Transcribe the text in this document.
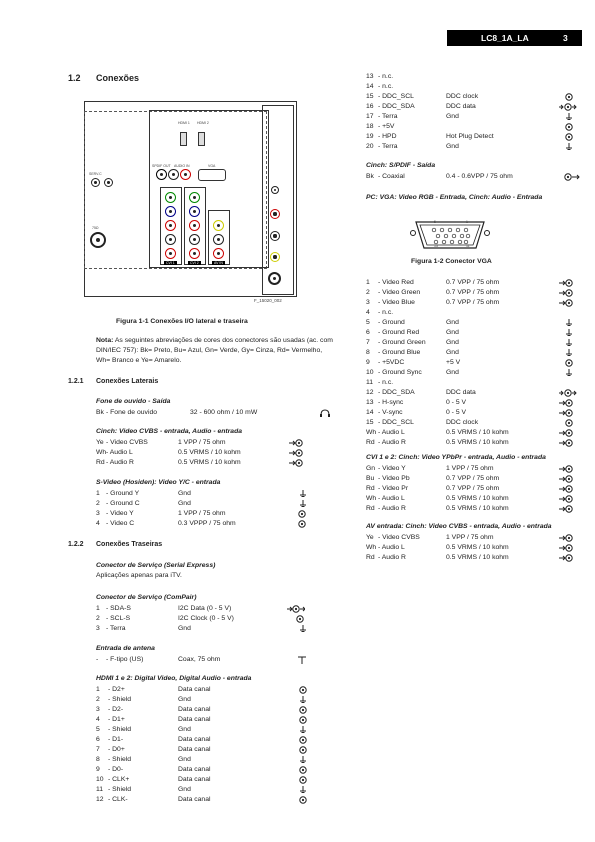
LC8_1A_LA	3
1.2 Conexões
HDMI 1 HDMI 2
SPDIF OUT AUDIO IN	VGA
CVI 1	CVI 2	AV IN
SERV.C
75Ω
F_15020_002
Figura 1-1 Conexões I/O lateral e traseira
Nota: As seguintes abreviações de cores dos conectores são usadas (ac. com DIN/IEC 757): Bk= Preto, Bu= Azul, Gn= Verde, Gy= Cinza, Rd= Vermelho, Wh= Branco e Ye= Amarelo.
1.2.1 Conexões Laterais
Fone de ouvido - Saída
Bk - Fone de ouvido	32 - 600 ohm / 10 mW
Cinch: Video CVBS - entrada, Audio - entrada
Ye - Video CVBS	1 VPP / 75 ohm
Wh - Audio L	0.5 VRMS / 10 kohm
Rd - Audio R	0.5 VRMS / 10 kohm
S-Video (Hosiden): Video Y/C - entrada
1 - Ground Y	Gnd
2 - Ground C	Gnd
3 - Video Y	1 VPP / 75 ohm
4 - Video C	0.3 VPPP / 75 ohm
1.2.2 Conexões Traseiras
Conector de Serviço (Serial Express)
Aplicações apenas para iTV.
Conector de Serviço (ComPair)
1 - SDA-S	I2C Data (0 - 5 V)
2 - SCL-S	I2C Clock (0 - 5 V)
3 - Terra	Gnd
Entrada de antena
- - F-tipo (US)	Coax, 75 ohm
HDMI 1 e 2: Digital Video, Digital Audio - entrada
1 - D2+	Data canal
2 - Shield	Gnd
3 - D2-	Data canal
4 - D1+	Data canal
5 - Shield	Gnd
6 - D1-	Data canal
7 - D0+	Data canal
8 - Shield	Gnd
9 - D0-	Data canal
10 - CLK+	Data canal
11 - Shield	Gnd
12 - CLK-	Data canal
13 - n.c.
14 - n.c.
15 - DDC_SCL	DDC clock
16 - DDC_SDA	DDC data
17 - Terra	Gnd
18 - +5V
19 - HPD	Hot Plug Detect
20 - Terra	Gnd
Cinch: S/PDIF - Saída
Bk - Coaxial	0.4 - 0.6VPP / 75 ohm
PC: VGA: Video RGB - Entrada, Cinch: Audio - Entrada
5	1
15	11
Figura 1-2 Conector VGA
1 - Video Red	0.7 VPP / 75 ohm
2 - Video Green	0.7 VPP / 75 ohm
3 - Video Blue	0.7 VPP / 75 ohm
4 - n.c.
5 - Ground	Gnd
6 - Ground Red	Gnd
7 - Ground Green	Gnd
8 - Ground Blue	Gnd
9 - +5VDC	+5 V
10 - Ground Sync	Gnd
11 - n.c.
12 - DDC_SDA	DDC data
13 - H-sync	0 - 5 V
14 - V-sync	0 - 5 V
15 - DDC_SCL	DDC clock
Wh - Audio L	0.5 VRMS / 10 kohm
Rd - Audio R	0.5 VRMS / 10 kohm
CVI 1 e 2: Cinch: Video YPbPr - entrada, Audio - entrada
Gn - Video Y	1 VPP / 75 ohm
Bu - Video Pb	0.7 VPP / 75 ohm
Rd - Video Pr	0.7 VPP / 75 ohm
Wh - Audio L	0.5 VRMS / 10 kohm
Rd - Audio R	0.5 VRMS / 10 kohm
AV entrada: Cinch: Video CVBS - entrada, Audio - entrada
Ye - Video CVBS	1 VPP / 75 ohm
Wh - Audio L	0.5 VRMS / 10 kohm
Rd - Audio R	0.5 VRMS / 10 kohm
